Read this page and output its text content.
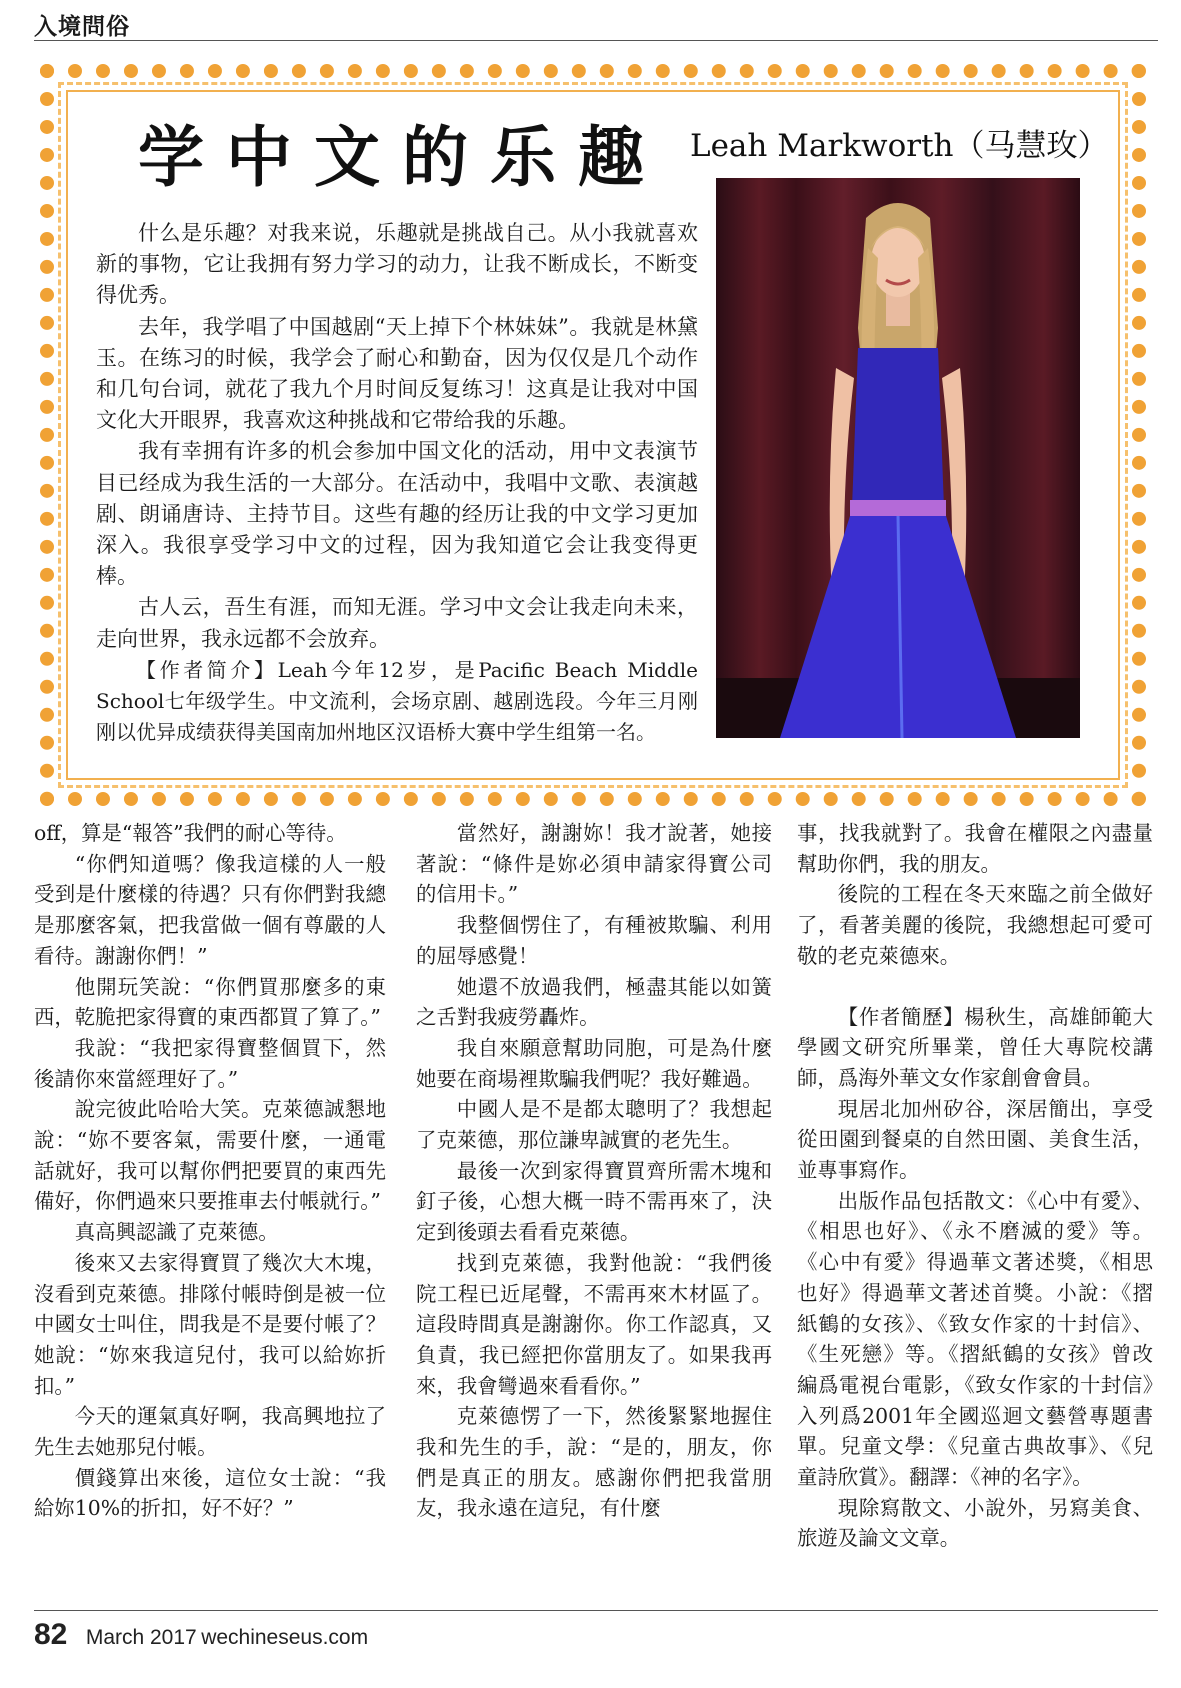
入境問俗
学中文的乐趣 Leah Markworth（马慧玫）

什么是乐趣？对我来说，乐趣就是挑战自己。从小我就喜欢新的事物，它让我拥有努力学习的动力，让我不断成长，不断变得优秀。

去年，我学唱了中国越剧“天上掉下个林妹妹”。我就是林黛玉。在练习的时候，我学会了耐心和勤奋，因为仅仅是几个动作和几句台词，就花了我九个月时间反复练习！这真是让我对中国文化大开眼界，我喜欢这种挑战和它带给我的乐趣。

我有幸拥有许多的机会参加中国文化的活动，用中文表演节目已经成为我生活的一大部分。在活动中，我唱中文歌、表演越剧、朗诵唐诗、主持节目。这些有趣的经历让我的中文学习更加深入。我很享受学习中文的过程，因为我知道它会让我变得更棒。

古人云，吾生有涯，而知无涯。学习中文会让我走向未来，走向世界，我永远都不会放弃。

【作者简介】Leah今年12岁，是Pacific Beach Middle School七年级学生。中文流利，会场京剧、越剧选段。今年三月刚刚以优异成绩获得美国南加州地区汉语桥大赛中学生组第一名。

off，算是“報答”我們的耐心等待。

“你們知道嗎？像我這樣的人一般受到是什麼樣的待遇？只有你們對我總是那麼客氣，把我當做一個有尊嚴的人看待。謝謝你們！”

他開玩笑說：“你們買那麼多的東西，乾脆把家得寶的東西都買了算了。”

我說：“我把家得寶整個買下，然後請你來當經理好了。”

說完彼此哈哈大笑。克萊德誠懇地說：“妳不要客氣，需要什麼，一通電話就好，我可以幫你們把要買的東西先備好，你們過來只要推車去付帳就行。”

真高興認識了克萊德。

後來又去家得寶買了幾次大木塊，沒看到克萊德。排隊付帳時倒是被一位中國女士叫住，問我是不是要付帳了？她說：“妳來我這兒付，我可以給妳折扣。”

今天的運氣真好啊，我高興地拉了先生去她那兒付帳。

價錢算出來後，這位女士說：“我給妳10%的折扣，好不好？”

當然好，謝謝妳！我才說著，她接著說：“條件是妳必須申請家得寶公司的信用卡。”

我整個愣住了，有種被欺騙、利用的屈辱感覺！

她還不放過我們，極盡其能以如簧之舌對我疲勞轟炸。

我自來願意幫助同胞，可是為什麼她要在商場裡欺騙我們呢？我好難過。

中國人是不是都太聰明了？我想起了克萊德，那位謙卑誠實的老先生。

最後一次到家得寶買齊所需木塊和釘子後，心想大概一時不需再來了，決定到後頭去看看克萊德。

找到克萊德，我對他說：“我們後院工程已近尾聲，不需再來木材區了。這段時間真是謝謝你。你工作認真，又負責，我已經把你當朋友了。如果我再來，我會彎過來看看你。”

克萊德愣了一下，然後緊緊地握住我和先生的手，說：“是的，朋友，你們是真正的朋友。感謝你們把我當朋友，我永遠在這兒，有什麼

事，找我就對了。我會在權限之內盡量幫助你們，我的朋友。

後院的工程在冬天來臨之前全做好了，看著美麗的後院，我總想起可愛可敬的老克萊德來。

【作者簡歷】楊秋生，高雄師範大學國文研究所畢業，曾任大專院校講師，爲海外華文女作家創會會員。

現居北加州矽谷，深居簡出，享受從田園到餐桌的自然田園、美食生活，並專事寫作。

出版作品包括散文：《心中有愛》、《相思也好》、《永不磨滅的愛》等。《心中有愛》得過華文著述獎，《相思也好》得過華文著述首獎。小說：《摺紙鶴的女孩》、《致女作家的十封信》、《生死戀》等。《摺紙鶴的女孩》曾改編爲電視台電影，《致女作家的十封信》入列爲2001年全國巡迴文藝營專題書單。兒童文學：《兒童古典故事》、《兒童詩欣賞》。翻譯：《神的名字》。

現除寫散文、小說外，另寫美食、旅遊及論文文章。

82 March 2017 wechineseus.com
